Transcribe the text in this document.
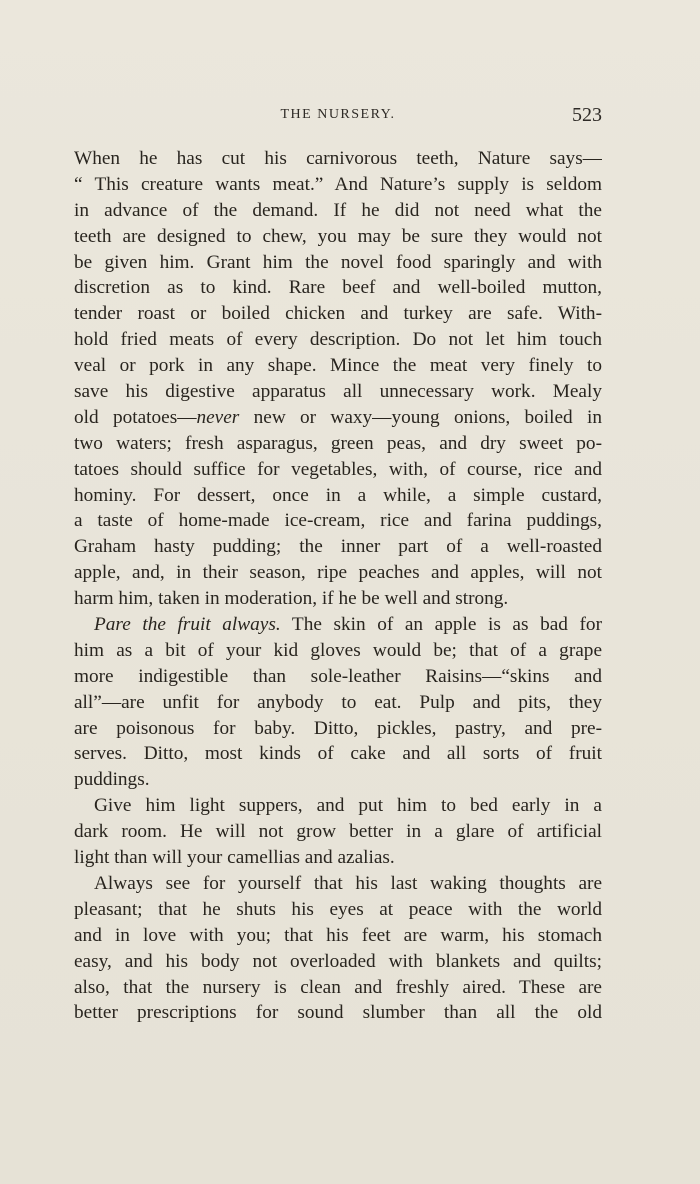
THE NURSERY.	523
When he has cut his carnivorous teeth, Nature says—
“ This creature wants meat.” And Nature’s supply is seldom
in advance of the demand. If he did not need what the
teeth are designed to chew, you may be sure they would not
be given him. Grant him the novel food sparingly and with
discretion as to kind. Rare beef and well-boiled mutton,
tender roast or boiled chicken and turkey are safe. With-
hold fried meats of every description. Do not let him touch
veal or pork in any shape. Mince the meat very finely to
save his digestive apparatus all unnecessary work. Mealy
old potatoes—never new or waxy—young onions, boiled in
two waters; fresh asparagus, green peas, and dry sweet po-
tatoes should suffice for vegetables, with, of course, rice and
hominy. For dessert, once in a while, a simple custard,
a taste of home-made ice-cream, rice and farina puddings,
Graham hasty pudding; the inner part of a well-roasted
apple, and, in their season, ripe peaches and apples, will not
harm him, taken in moderation, if he be well and strong.
Pare the fruit always. The skin of an apple is as bad for
him as a bit of your kid gloves would be; that of a grape
more indigestible than sole-leather Raisins—“skins and
all”—are unfit for anybody to eat. Pulp and pits, they
are poisonous for baby. Ditto, pickles, pastry, and pre-
serves. Ditto, most kinds of cake and all sorts of fruit
puddings.
Give him light suppers, and put him to bed early in a
dark room. He will not grow better in a glare of artificial
light than will your camellias and azalias.
Always see for yourself that his last waking thoughts are
pleasant; that he shuts his eyes at peace with the world
and in love with you; that his feet are warm, his stomach
easy, and his body not overloaded with blankets and quilts;
also, that the nursery is clean and freshly aired. These are
better prescriptions for sound slumber than all the old
